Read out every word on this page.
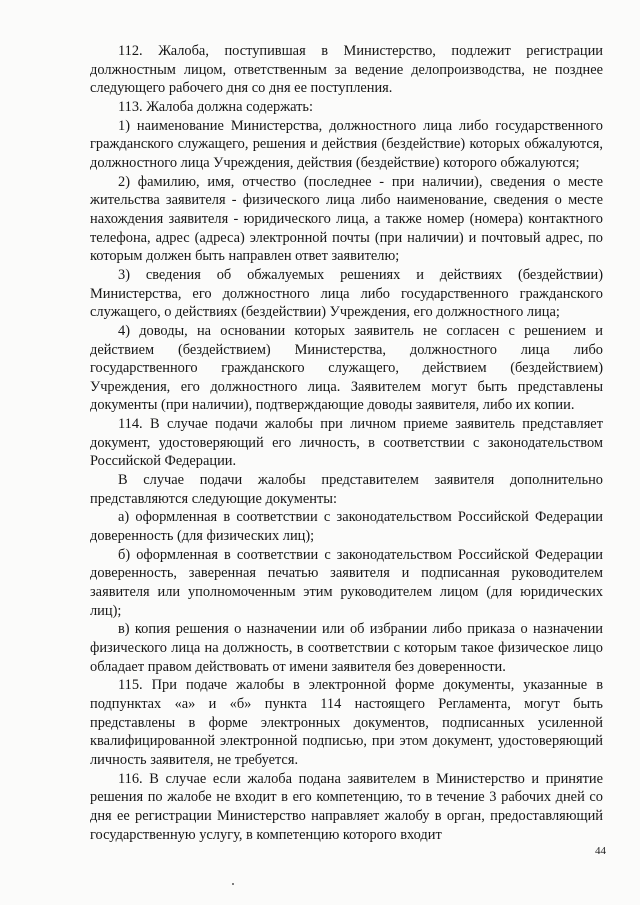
112. Жалоба, поступившая в Министерство, подлежит регистрации должностным лицом, ответственным за ведение делопроизводства, не позднее следующего рабочего дня со дня ее поступления.

113. Жалоба должна содержать:

1) наименование Министерства, должностного лица либо государственного гражданского служащего, решения и действия (бездействие) которых обжалуются, должностного лица Учреждения, действия (бездействие) которого обжалуются;

2) фамилию, имя, отчество (последнее - при наличии), сведения о месте жительства заявителя - физического лица либо наименование, сведения о месте нахождения заявителя - юридического лица, а также номер (номера) контактного телефона, адрес (адреса) электронной почты (при наличии) и почтовый адрес, по которым должен быть направлен ответ заявителю;

3) сведения об обжалуемых решениях и действиях (бездействии) Министерства, его должностного лица либо государственного гражданского служащего, о действиях (бездействии) Учреждения, его должностного лица;

4) доводы, на основании которых заявитель не согласен с решением и действием (бездействием) Министерства, должностного лица либо государственного гражданского служащего, действием (бездействием) Учреждения, его должностного лица. Заявителем могут быть представлены документы (при наличии), подтверждающие доводы заявителя, либо их копии.

114. В случае подачи жалобы при личном приеме заявитель представляет документ, удостоверяющий его личность, в соответствии с законодательством Российской Федерации.

В случае подачи жалобы представителем заявителя дополнительно представляются следующие документы:

а) оформленная в соответствии с законодательством Российской Федерации доверенность (для физических лиц);

б) оформленная в соответствии с законодательством Российской Федерации доверенность, заверенная печатью заявителя и подписанная руководителем заявителя или уполномоченным этим руководителем лицом (для юридических лиц);

в) копия решения о назначении или об избрании либо приказа о назначении физического лица на должность, в соответствии с которым такое физическое лицо обладает правом действовать от имени заявителя без доверенности.

115. При подаче жалобы в электронной форме документы, указанные в подпунктах «а» и «б» пункта 114 настоящего Регламента, могут быть представлены в форме электронных документов, подписанных усиленной квалифицированной электронной подписью, при этом документ, удостоверяющий личность заявителя, не требуется.

116. В случае если жалоба подана заявителем в Министерство и принятие решения по жалобе не входит в его компетенцию, то в течение 3 рабочих дней со дня ее регистрации Министерство направляет жалобу в орган, предоставляющий государственную услугу, в компетенцию которого входит

44
